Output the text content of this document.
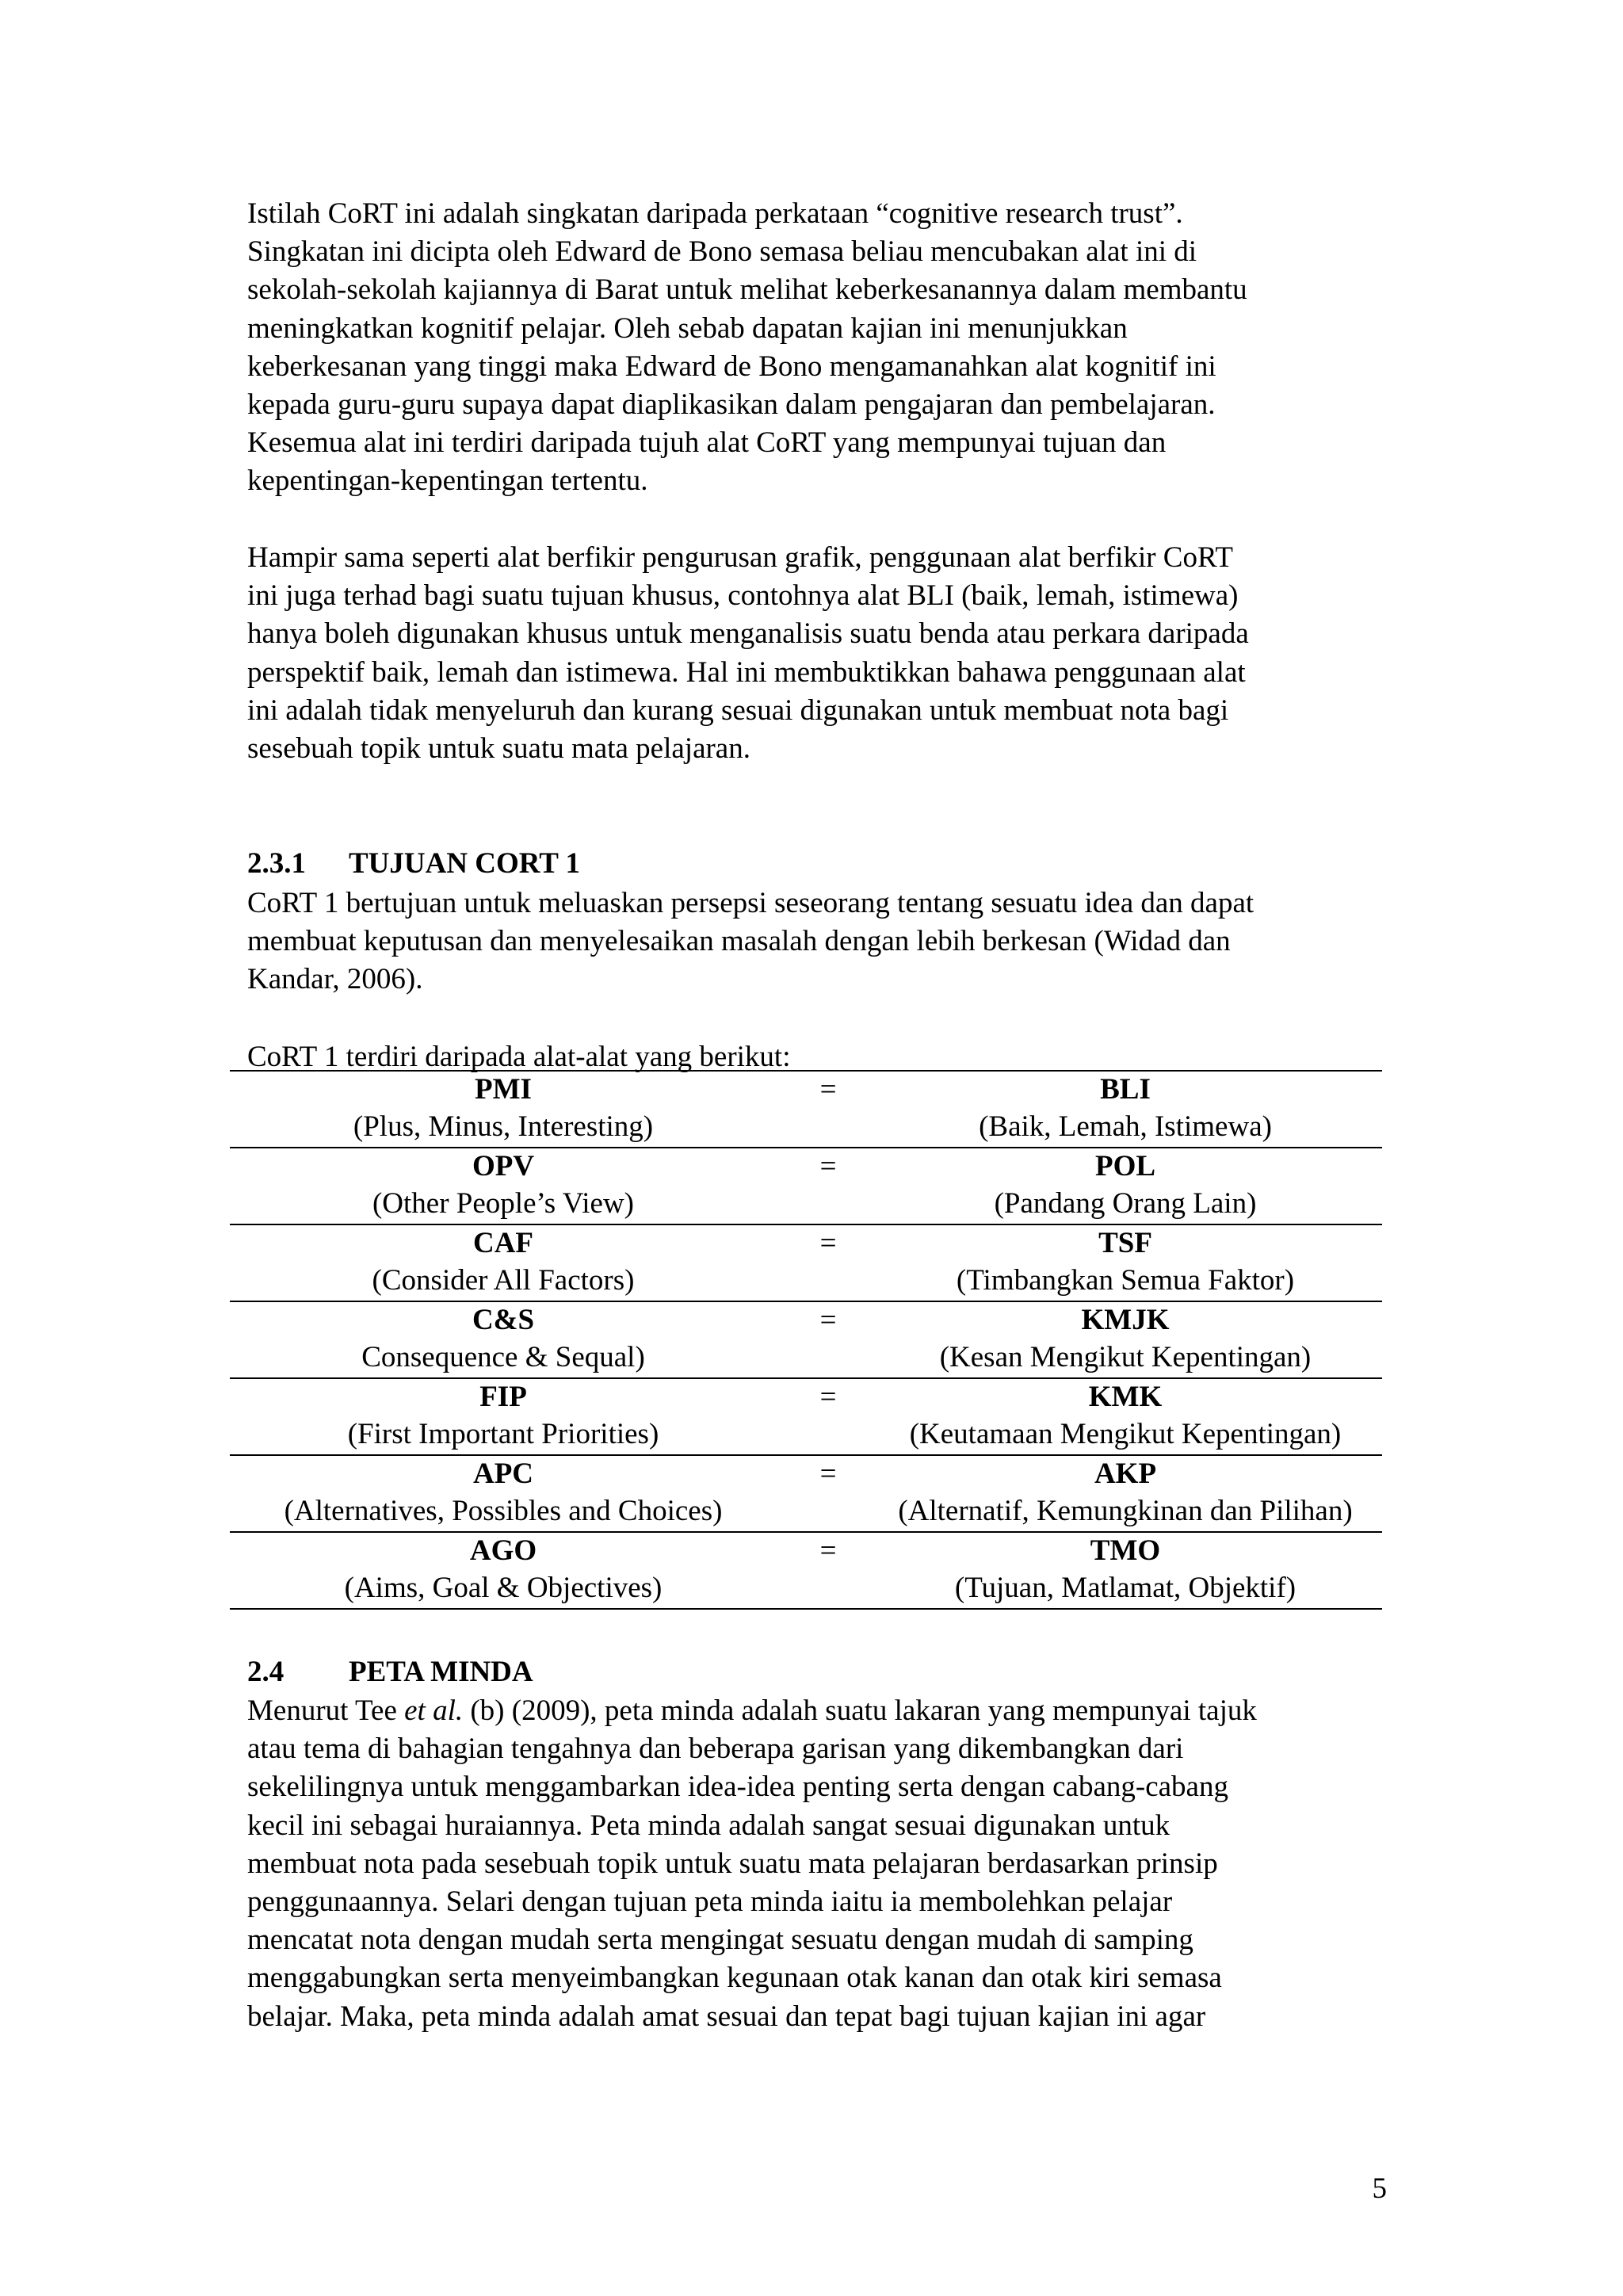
Istilah CoRT ini adalah singkatan daripada perkataan “cognitive research trust”.
Singkatan ini dicipta oleh Edward de Bono semasa beliau mencubakan alat ini di
sekolah-sekolah kajiannya di Barat untuk melihat keberkesanannya dalam membantu
meningkatkan kognitif pelajar. Oleh sebab dapatan kajian ini menunjukkan
keberkesanan yang tinggi maka Edward de Bono mengamanahkan alat kognitif ini
kepada guru-guru supaya dapat diaplikasikan dalam pengajaran dan pembelajaran.
Kesemua alat ini terdiri daripada tujuh alat CoRT yang mempunyai tujuan dan
kepentingan-kepentingan tertentu.
Hampir sama seperti alat berfikir pengurusan grafik, penggunaan alat berfikir CoRT
ini juga terhad bagi suatu tujuan khusus, contohnya alat BLI (baik, lemah, istimewa)
hanya boleh digunakan khusus untuk menganalisis suatu benda atau perkara daripada
perspektif baik, lemah dan istimewa. Hal ini membuktikkan bahawa penggunaan alat
ini adalah tidak menyeluruh dan kurang sesuai digunakan untuk membuat nota bagi
sesebuah topik untuk suatu mata pelajaran.
2.3.1 TUJUAN CORT 1
CoRT 1 bertujuan untuk meluaskan persepsi seseorang tentang sesuatu idea dan dapat
membuat keputusan dan menyelesaikan masalah dengan lebih berkesan (Widad dan
Kandar, 2006).
CoRT 1 terdiri daripada alat-alat yang berikut:
PMI
(Plus, Minus, Interesting)
=	BLI
(Baik, Lemah, Istimewa)
OPV
(Other People’s View)
=	POL
(Pandang Orang Lain)
CAF
(Consider All Factors)
=	TSF
(Timbangkan Semua Faktor)
C&S
Consequence & Sequal)
=	KMJK
(Kesan Mengikut Kepentingan)
FIP
(First Important Priorities)
=	KMK
(Keutamaan Mengikut Kepentingan)
APC
(Alternatives, Possibles and Choices)
=	AKP
(Alternatif, Kemungkinan dan Pilihan)
AGO
(Aims, Goal & Objectives)
=	TMO
(Tujuan, Matlamat, Objektif)
2.4 PETA MINDA
Menurut Tee et al. (b) (2009), peta minda adalah suatu lakaran yang mempunyai tajuk
atau tema di bahagian tengahnya dan beberapa garisan yang dikembangkan dari
sekelilingnya untuk menggambarkan idea-idea penting serta dengan cabang-cabang
kecil ini sebagai huraiannya. Peta minda adalah sangat sesuai digunakan untuk
membuat nota pada sesebuah topik untuk suatu mata pelajaran berdasarkan prinsip
penggunaannya. Selari dengan tujuan peta minda iaitu ia membolehkan pelajar
mencatat nota dengan mudah serta mengingat sesuatu dengan mudah di samping
menggabungkan serta menyeimbangkan kegunaan otak kanan dan otak kiri semasa
belajar. Maka, peta minda adalah amat sesuai dan tepat bagi tujuan kajian ini agar
5
